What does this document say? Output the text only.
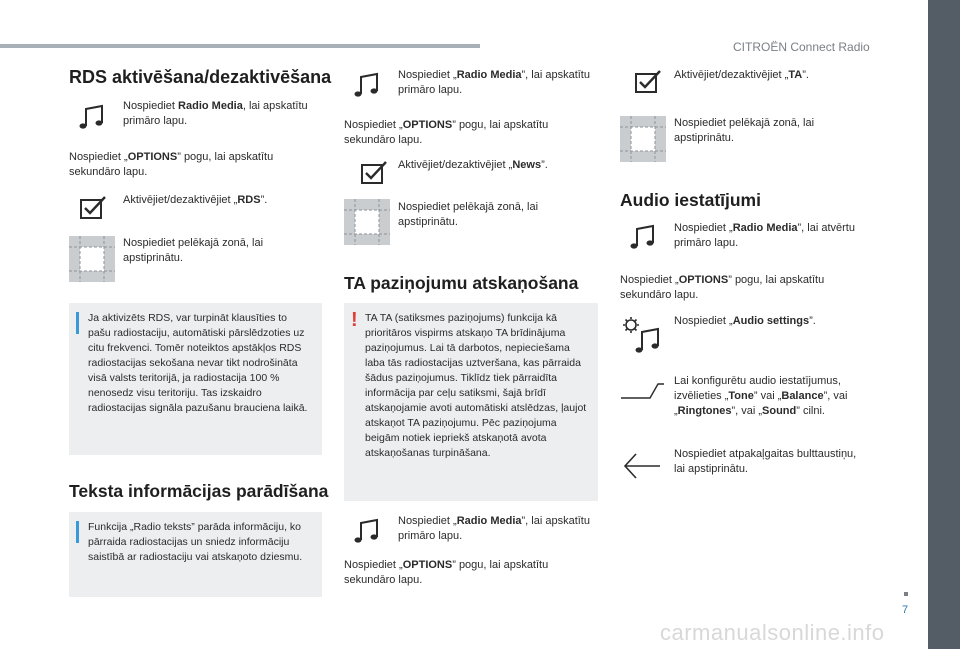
CITROËN Connect Radio
7
carmanualsonline.info
RDS aktivēšana/dezaktivēšana
Nospiediet Radio Media, lai apskatītu primāro lapu.
Nospiediet „OPTIONS” pogu, lai apskatītu sekundāro lapu.
Aktivējiet/dezaktivējiet „RDS”.
Nospiediet pelēkajā zonā, lai apstiprinātu.
Ja aktivizēts RDS, var turpināt klausīties to pašu radiostaciju, automātiski pārslēdzoties uz citu frekvenci. Tomēr noteiktos apstākļos RDS radiostacijas sekošana nevar tikt nodrošināta visā valsts teritorijā, ja radiostacija 100 % nenosedz visu teritoriju. Tas izskaidro radiostacijas signāla pazušanu brauciena laikā.
Teksta informācijas parādīšana
Funkcija „Radio teksts” parāda informāciju, ko pārraida radiostacijas un sniedz informāciju saistībā ar radiostaciju vai atskaņoto dziesmu.
Nospiediet „Radio Media”, lai apskatītu primāro lapu.
Nospiediet „OPTIONS” pogu, lai apskatītu sekundāro lapu.
Aktivējiet/dezaktivējiet „News”.
Nospiediet pelēkajā zonā, lai apstiprinātu.
TA paziņojumu atskaņošana
! TA TA (satiksmes paziņojums) funkcija kā prioritāros vispirms atskaņo TA brīdinājuma paziņojumus. Lai tā darbotos, nepieciešama laba tās radiostacijas uztveršana, kas pārraida šādus paziņojumus. Tiklīdz tiek pārraidīta informācija par ceļu satiksmi, šajā brīdī atskaņojamie avoti automātiski atslēdzas, ļaujot atskaņot TA paziņojumu. Pēc paziņojuma beigām notiek iepriekš atskaņotā avota atskaņošanas turpināšana.
Nospiediet „Radio Media”, lai apskatītu primāro lapu.
Nospiediet „OPTIONS” pogu, lai apskatītu sekundāro lapu.
Aktivējiet/dezaktivējiet „TA”.
Nospiediet pelēkajā zonā, lai apstiprinātu.
Audio iestatījumi
Nospiediet „Radio Media”, lai atvērtu primāro lapu.
Nospiediet „OPTIONS” pogu, lai apskatītu sekundāro lapu.
Nospiediet „Audio settings”.
Lai konfigurētu audio iestatījumus, izvēlieties „Tone” vai „Balance”, vai „Ringtones”, vai „Sound” cilni.
Nospiediet atpakaļgaitas bulttaustiņu, lai apstiprinātu.
